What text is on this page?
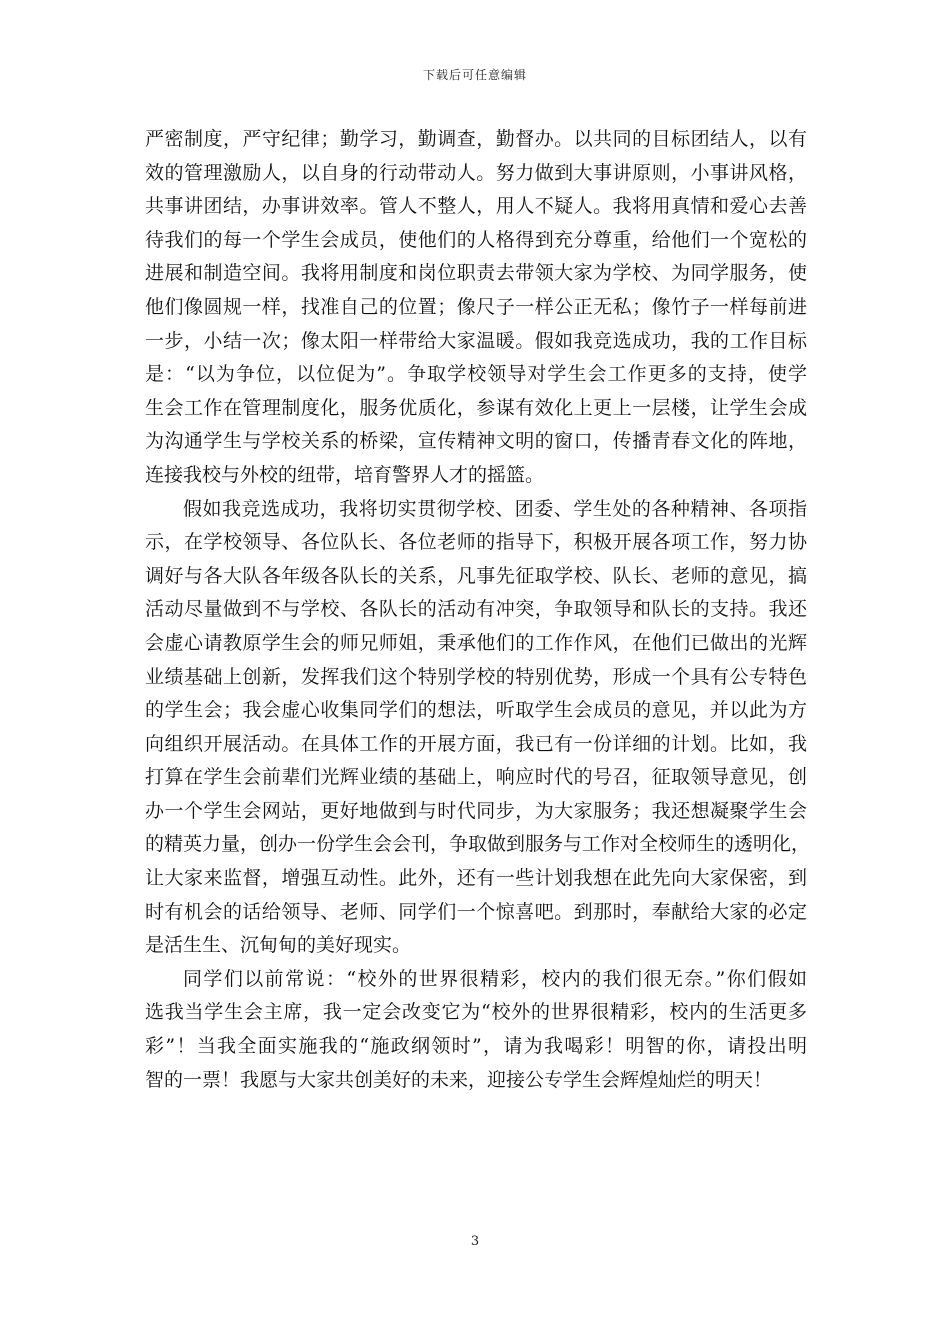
下载后可任意编辑
严密制度，严守纪律；勤学习，勤调查，勤督办。以共同的目标团结人，以有
效的管理激励人，以自身的行动带动人。努力做到大事讲原则，小事讲风格，
共事讲团结，办事讲效率。管人不整人，用人不疑人。我将用真情和爱心去善
待我们的每一个学生会成员，使他们的人格得到充分尊重，给他们一个宽松的
进展和制造空间。我将用制度和岗位职责去带领大家为学校、为同学服务，使
他们像圆规一样，找准自己的位置；像尺子一样公正无私；像竹子一样每前进
一步，小结一次；像太阳一样带给大家温暖。假如我竞选成功，我的工作目标
是：“以为争位，以位促为”。争取学校领导对学生会工作更多的支持，使学
生会工作在管理制度化，服务优质化，参谋有效化上更上一层楼，让学生会成
为沟通学生与学校关系的桥梁，宣传精神文明的窗口，传播青春文化的阵地，
连接我校与外校的纽带，培育警界人才的摇篮。
假如我竞选成功，我将切实贯彻学校、团委、学生处的各种精神、各项指
示，在学校领导、各位队长、各位老师的指导下，积极开展各项工作，努力协
调好与各大队各年级各队长的关系，凡事先征取学校、队长、老师的意见，搞
活动尽量做到不与学校、各队长的活动有冲突，争取领导和队长的支持。我还
会虚心请教原学生会的师兄师姐，秉承他们的工作作风，在他们已做出的光辉
业绩基础上创新，发挥我们这个特别学校的特别优势，形成一个具有公专特色
的学生会；我会虚心收集同学们的想法，听取学生会成员的意见，并以此为方
向组织开展活动。在具体工作的开展方面，我已有一份详细的计划。比如，我
打算在学生会前辈们光辉业绩的基础上，响应时代的号召，征取领导意见，创
办一个学生会网站，更好地做到与时代同步，为大家服务；我还想凝聚学生会
的精英力量，创办一份学生会会刊，争取做到服务与工作对全校师生的透明化，
让大家来监督，增强互动性。此外，还有一些计划我想在此先向大家保密，到
时有机会的话给领导、老师、同学们一个惊喜吧。到那时，奉献给大家的必定
是活生生、沉甸甸的美好现实。
同学们以前常说：“校外的世界很精彩，校内的我们很无奈。”你们假如
选我当学生会主席，我一定会改变它为“校外的世界很精彩，校内的生活更多
彩”！当我全面实施我的“施政纲领时”，请为我喝彩！明智的你，请投出明
智的一票！我愿与大家共创美好的未来，迎接公专学生会辉煌灿烂的明天！
3
